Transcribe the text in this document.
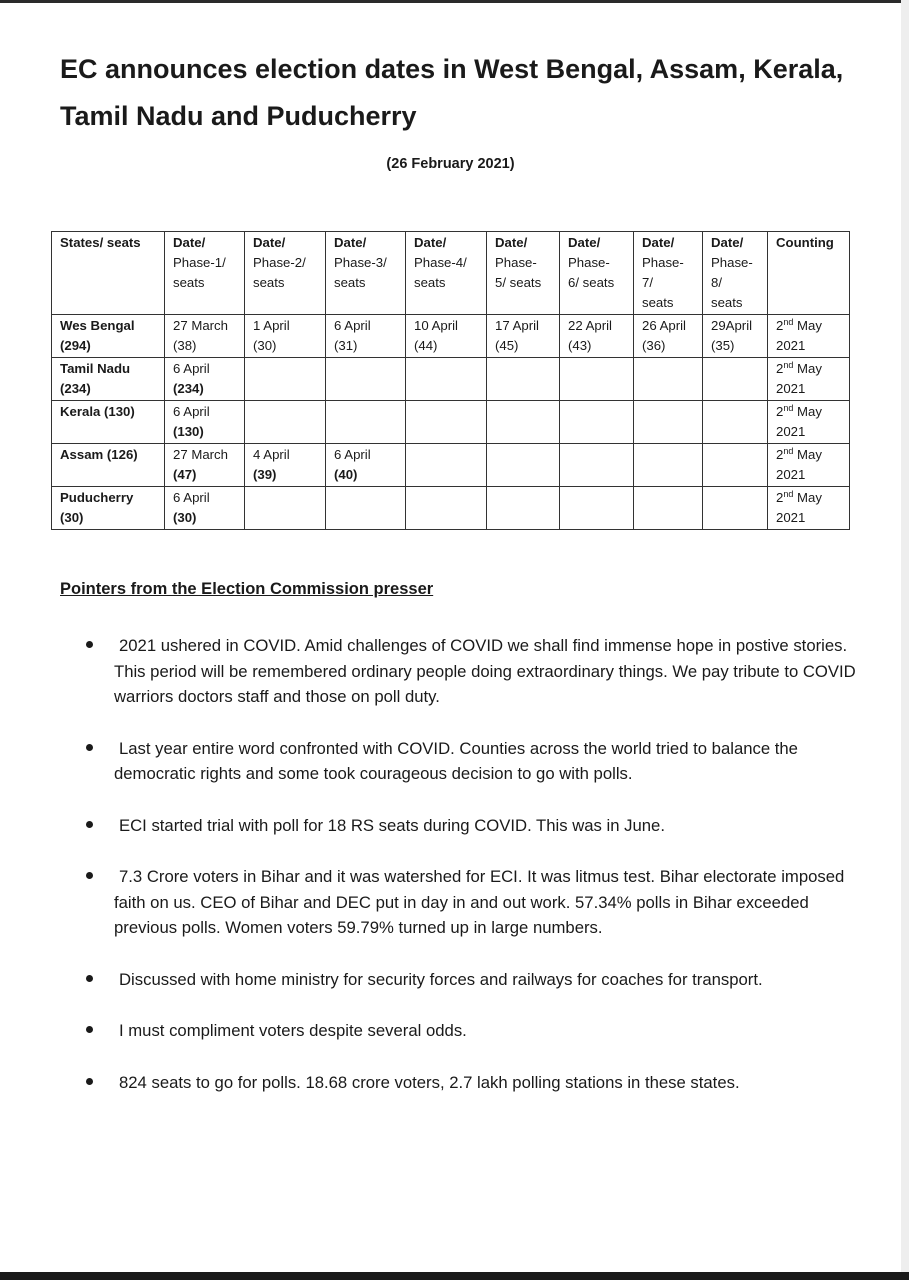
EC announces election dates in West Bengal, Assam, Kerala, Tamil Nadu and Puducherry

(26 February 2021)

States/ seats	Date/
Phase-1/
seats	Date/
Phase-2/
seats	Date/
Phase-3/
seats	Date/
Phase-4/
seats	Date/
Phase-
5/ seats	Date/
Phase-
6/ seats	Date/
Phase-
7/
seats	Date/
Phase-
8/
seats	Counting

Wes Bengal
(294)	27 March
(38)	1 April
(30)	6 April
(31)	10 April
(44)	17 April
(45)	22 April
(43)	26 April
(36)	29April
(35)	2nd May
2021

Tamil Nadu
(234)	6 April
(234)								2nd May
2021

Kerala (130)	6 April
(130)								2nd May
2021

Assam (126)	27 March
(47)	4 April
(39)	6 April
(40)						2nd May
2021

Puducherry
(30)	6 April
(30)								2nd May
2021

Pointers from the Election Commission presser

2021 ushered in COVID. Amid challenges of COVID we shall find immense hope in postive stories. This period will be remembered ordinary people doing extraordinary things. We pay tribute to COVID warriors doctors staff and those on poll duty.
Last year entire word confronted with COVID. Counties across the world tried to balance the democratic rights and some took courageous decision to go with polls.
ECI started trial with poll for 18 RS seats during COVID. This was in June.
7.3 Crore voters in Bihar and it was watershed for ECI. It was litmus test. Bihar electorate imposed faith on us. CEO of Bihar and DEC put in day in and out work. 57.34% polls in Bihar exceeded previous polls. Women voters 59.79% turned up in large numbers.
Discussed with home ministry for security forces and railways for coaches for transport.
I must compliment voters despite several odds.
824 seats to go for polls. 18.68 crore voters, 2.7 lakh polling stations in these states.
